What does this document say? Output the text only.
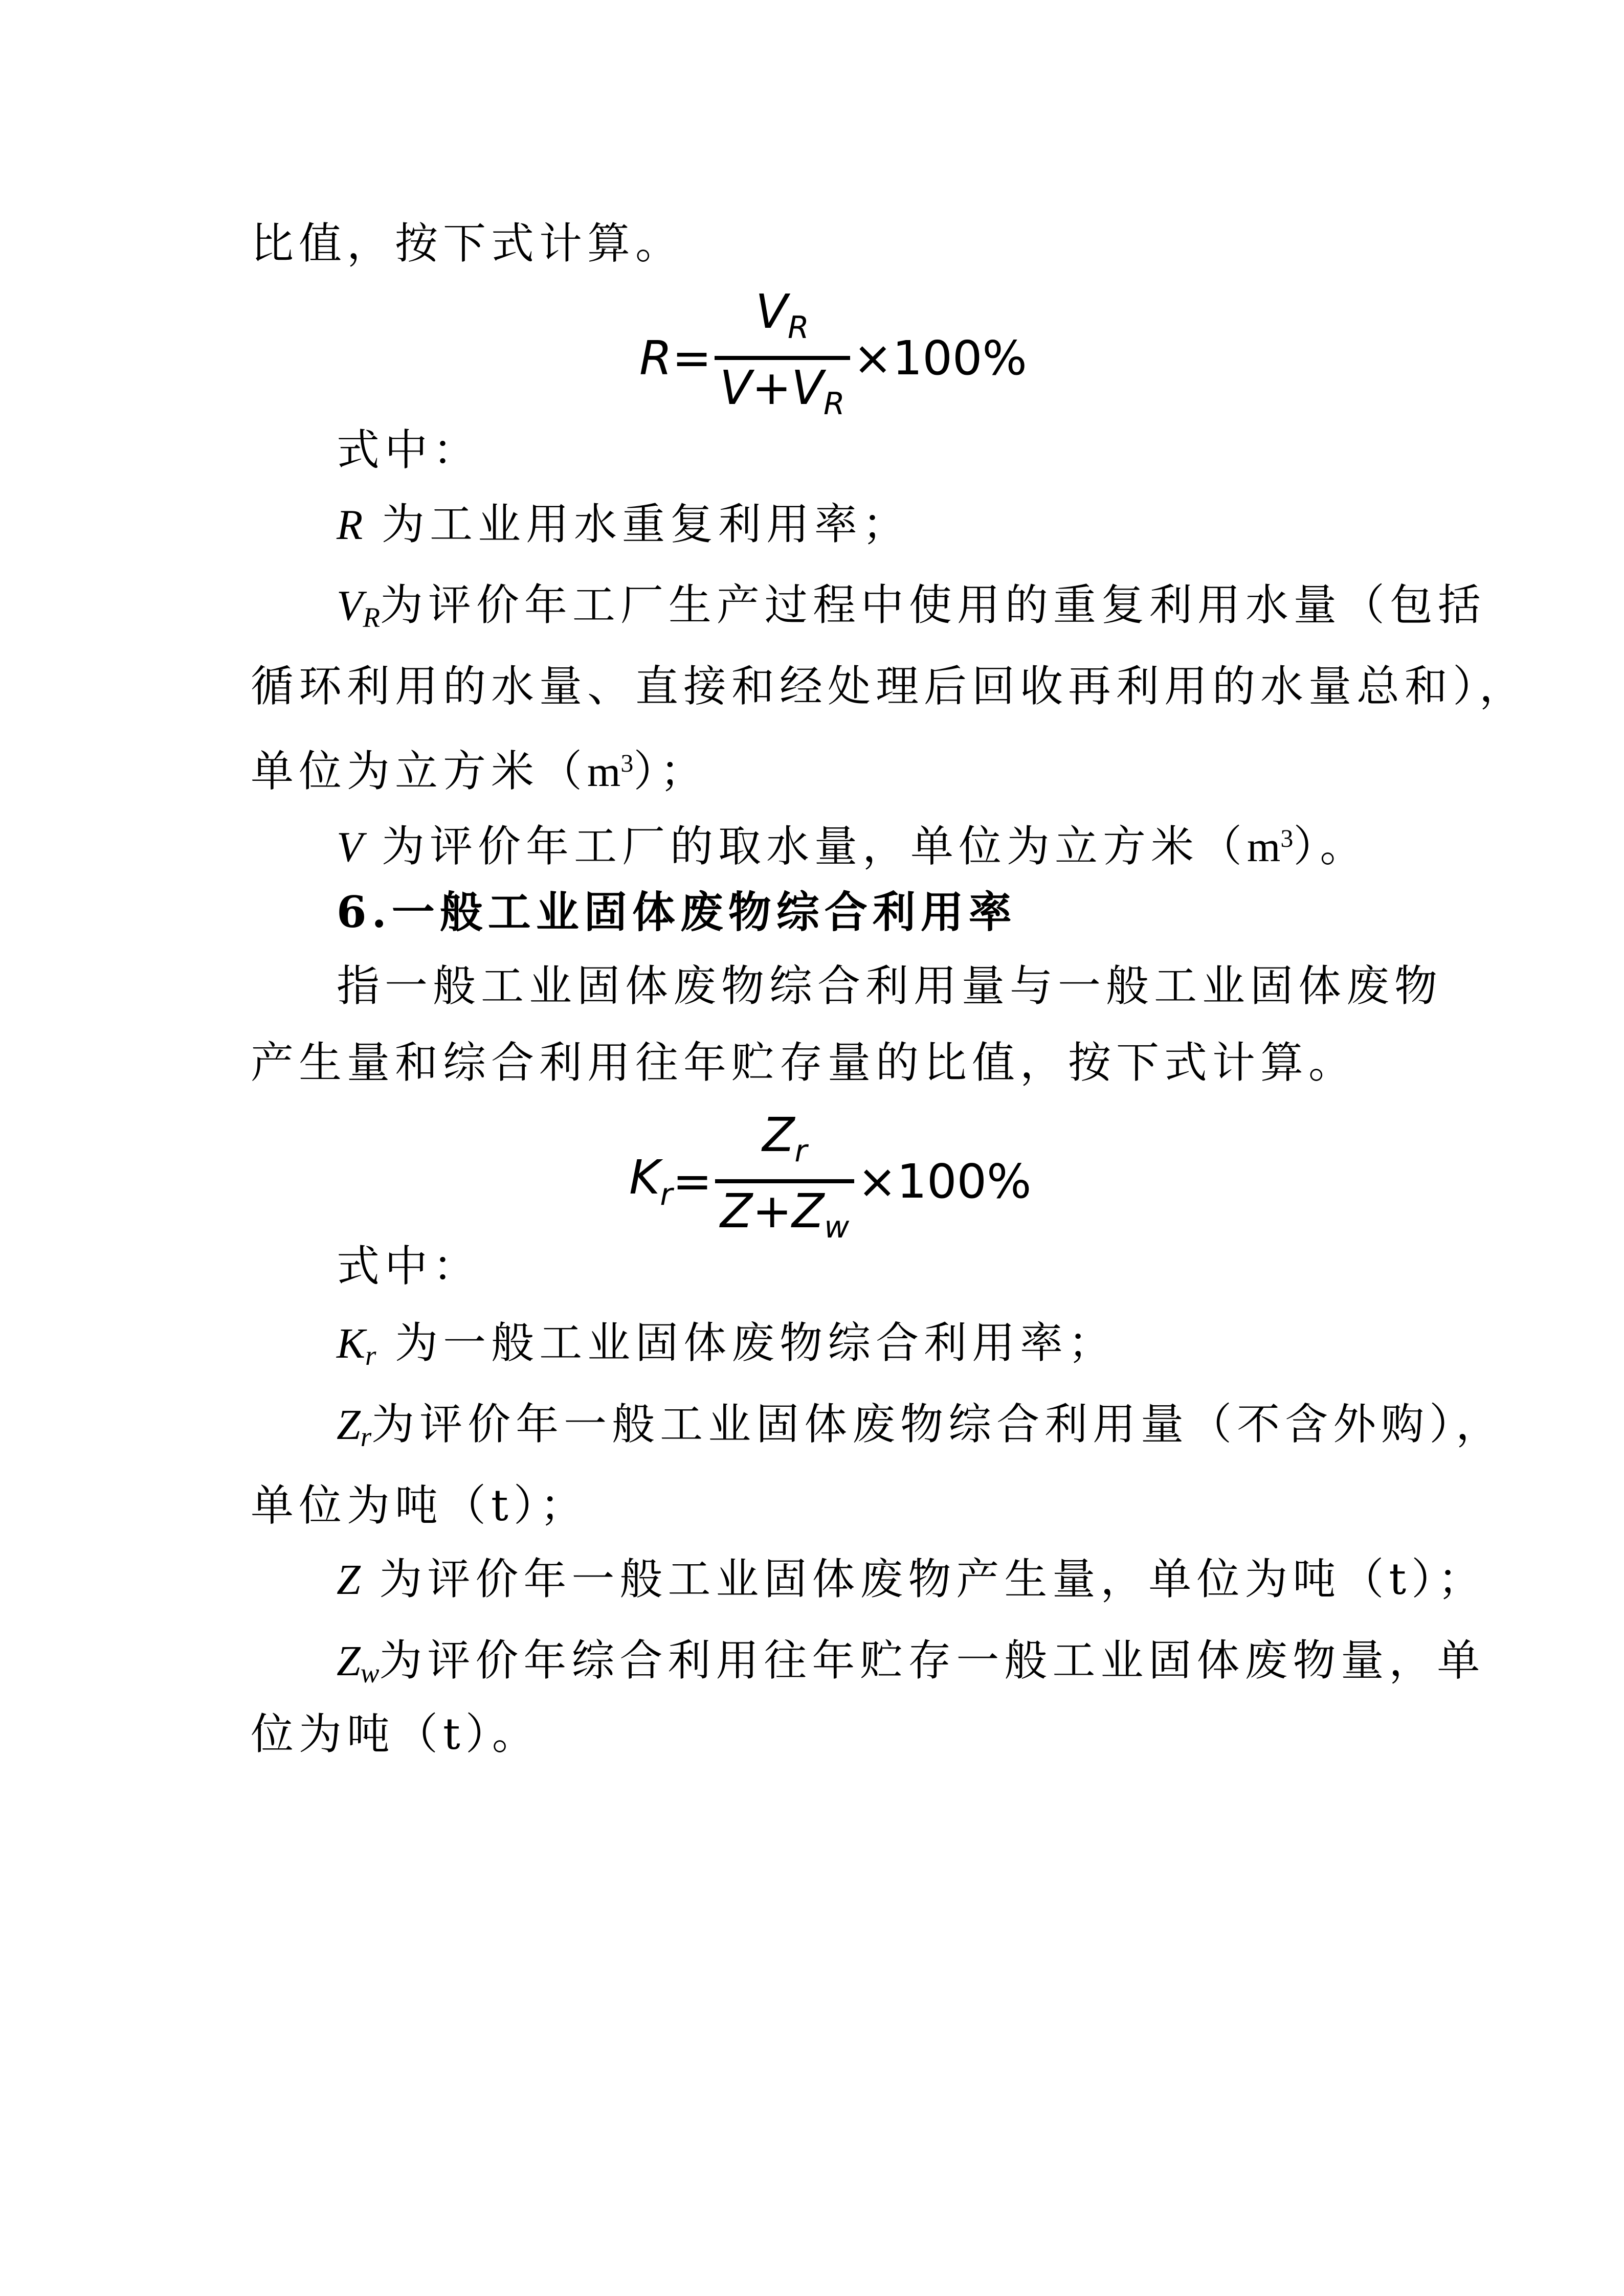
比值，按下式计算。
R =
$V_R$
$V+V_R$
×100%
式中：
R 为工业用水重复利用率；
$V_R$为评价年工厂生产过程中使用的重复利用水量（包括
循环利用的水量、直接和经处理后回收再利用的水量总和），
单位为立方米$(m^3)$；
V 为评价年工厂的取水量，单位为立方米$(m^3)$。
6.一般工业固体废物综合利用率
指一般工业固体废物综合利用量与一般工业固体废物
产生量和综合利用往年贮存量的比值，按下式计算。
$K_r$ =
$Z_r$
$Z+Z_w$
×100%
式中：
$K_r$ 为一般工业固体废物综合利用率；
$Z_r$为评价年一般工业固体废物综合利用量（不含外购），
单位为吨（t）；
Z 为评价年一般工业固体废物产生量，单位为吨（t）；
$Z_w$为评价年综合利用往年贮存一般工业固体废物量，单
位为吨（t）。
